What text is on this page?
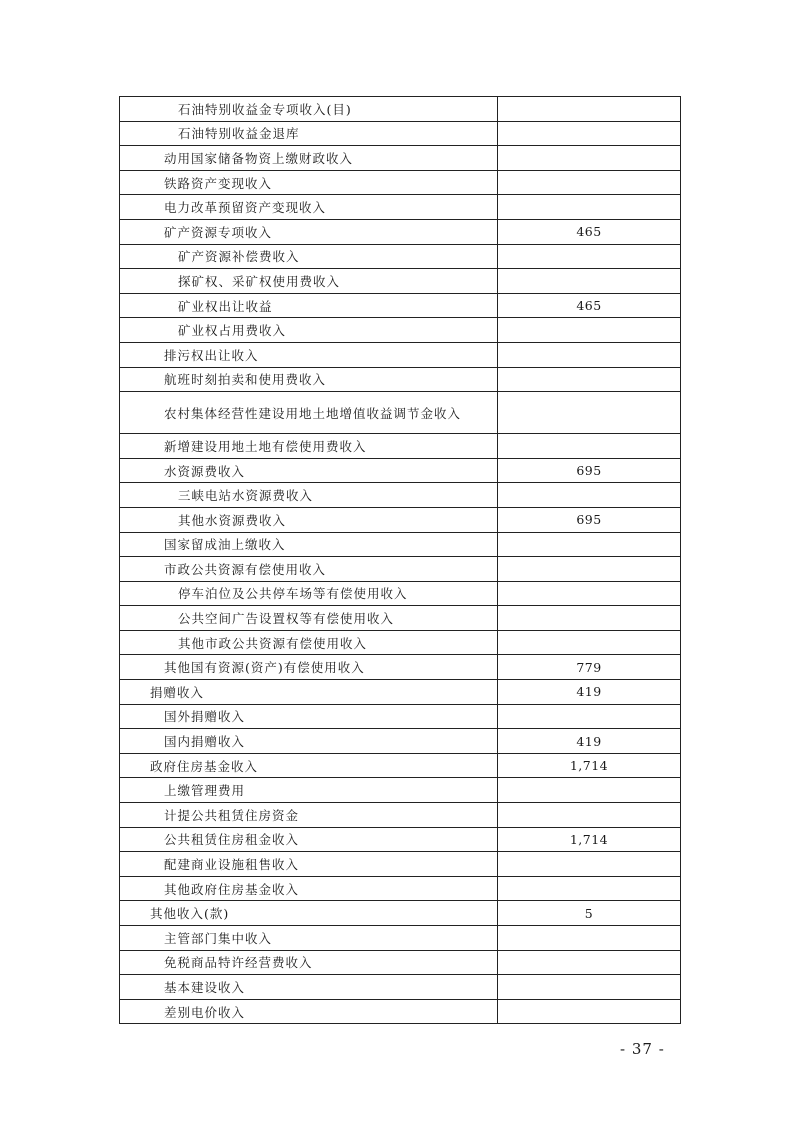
石油特别收益金专项收入(目)	
石油特别收益金退库	
动用国家储备物资上缴财政收入	
铁路资产变现收入	
电力改革预留资产变现收入	
矿产资源专项收入	465
矿产资源补偿费收入	
探矿权、采矿权使用费收入	
矿业权出让收益	465
矿业权占用费收入	
排污权出让收入	
航班时刻拍卖和使用费收入	
农村集体经营性建设用地土地增值收益调节金收入	
新增建设用地土地有偿使用费收入	
水资源费收入	695
三峡电站水资源费收入	
其他水资源费收入	695
国家留成油上缴收入	
市政公共资源有偿使用收入	
停车泊位及公共停车场等有偿使用收入	
公共空间广告设置权等有偿使用收入	
其他市政公共资源有偿使用收入	
其他国有资源(资产)有偿使用收入	779
捐赠收入	419
国外捐赠收入	
国内捐赠收入	419
政府住房基金收入	1,714
上缴管理费用	
计提公共租赁住房资金	
公共租赁住房租金收入	1,714
配建商业设施租售收入	
其他政府住房基金收入	
其他收入(款)	5
主管部门集中收入	
免税商品特许经营费收入	
基本建设收入	
差别电价收入	
- 37 -
